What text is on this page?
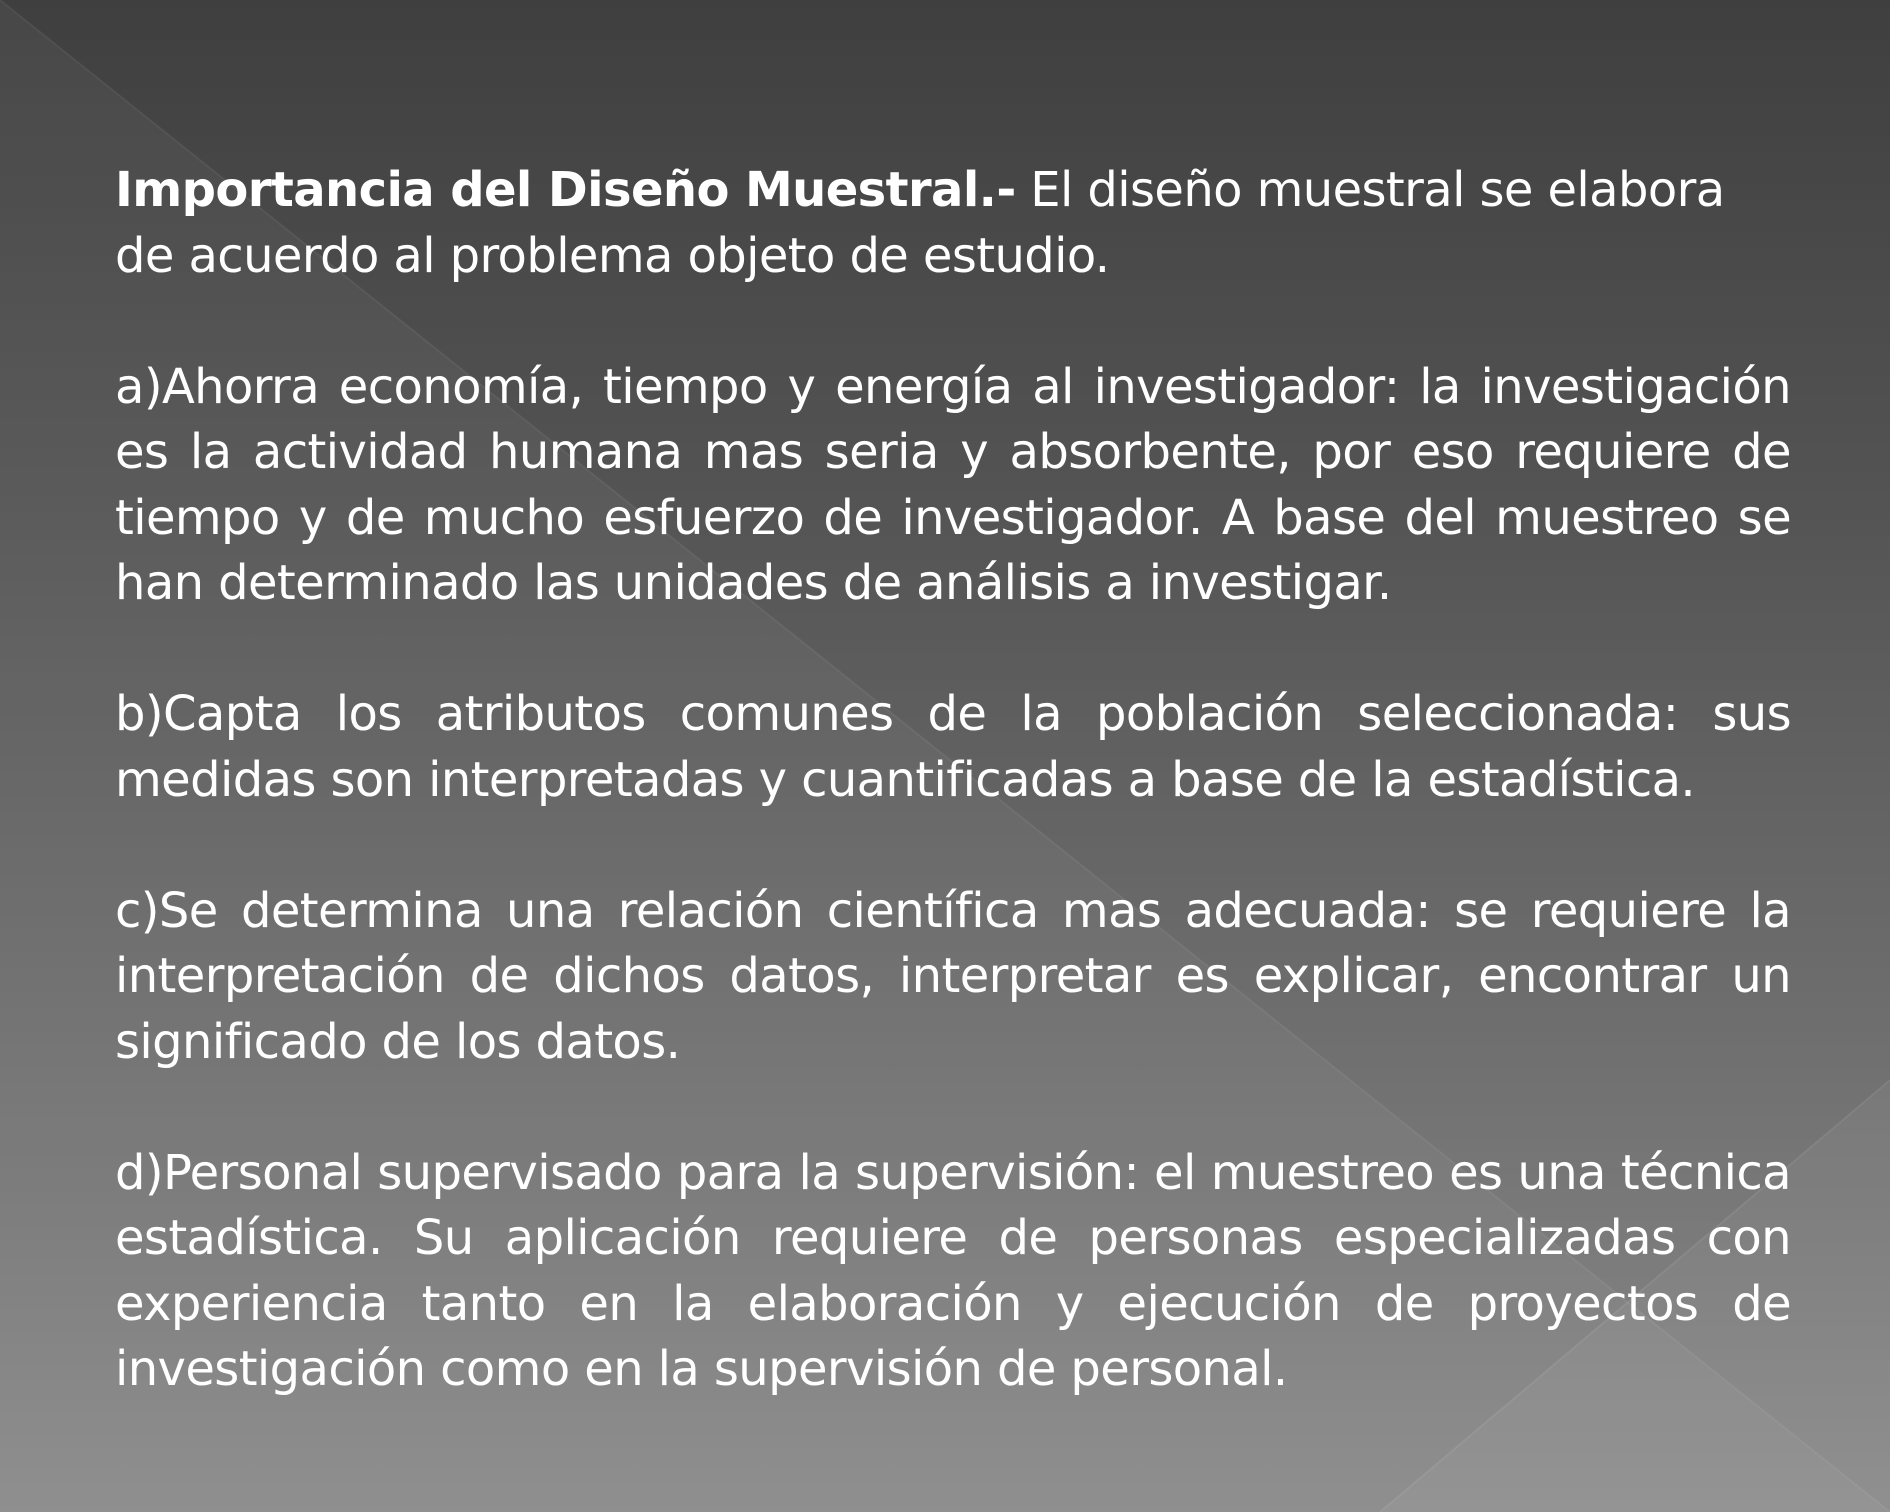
Importancia del Diseño Muestral.- El diseño muestral se elabora de acuerdo al problema objeto de estudio.

a)Ahorra economía, tiempo y energía al investigador: la investigación es la actividad humana mas seria y absorbente, por eso requiere de tiempo y de mucho esfuerzo de investigador. A base del muestreo se han determinado las unidades de análisis a investigar.

b)Capta los atributos comunes de la población seleccionada: sus medidas son interpretadas y cuantificadas a base de la estadística.

c)Se determina una relación científica mas adecuada: se requiere la interpretación de dichos datos, interpretar es explicar, encontrar un significado de los datos.

d)Personal supervisado para la supervisión: el muestreo es una técnica estadística. Su aplicación requiere de personas especializadas con experiencia tanto en la elaboración y ejecución de proyectos de investigación como en la supervisión de personal.
